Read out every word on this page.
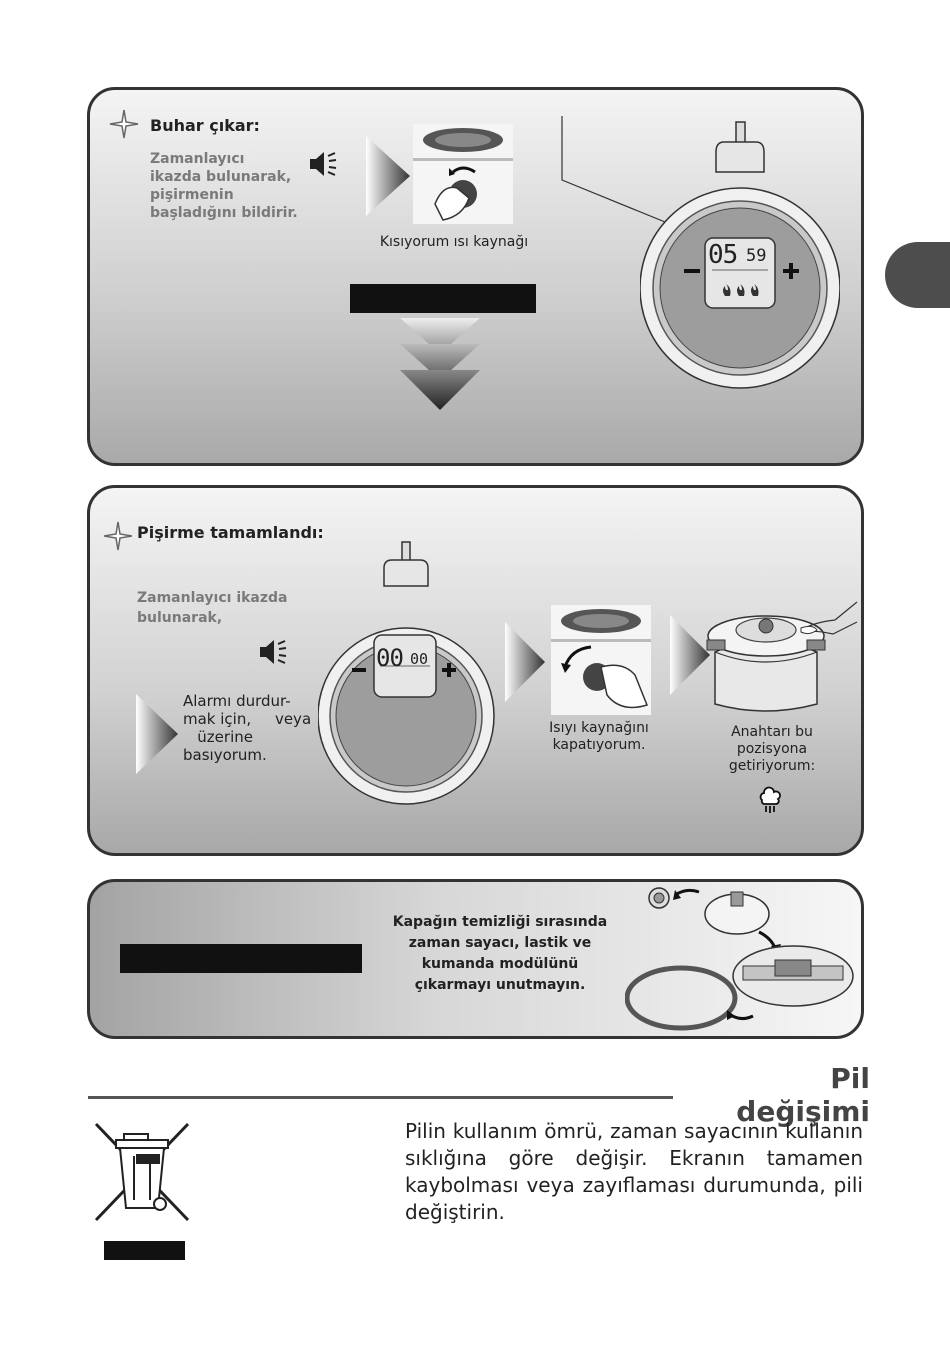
Buhar çıkar:
Zamanlayıcı
ikazda bulunarak,
pişirmenin
başladığını bildirir.
Kısıyorum ısı kaynağı	05 59
Pişirme tamamlandı:
Zamanlayıcı ikazda
bulunarak,
Alarmı durdur-
mak için,     veya
üzerine
basıyorum.
00 00
Isıyı kaynağını
kapatıyorum.
Anahtarı bu
pozisyona
getiriyorum:
Kapağın temizliği sırasında
zaman sayacı, lastik ve
kumanda modülünü
çıkarmayı unutmayın.
Pil değişimi
Pilin kullanım ömrü, zaman sayacının kullanın sıklığına göre değişir. Ekranın tamamen kaybolması veya zayıflaması durumunda, pili değiştirin.
